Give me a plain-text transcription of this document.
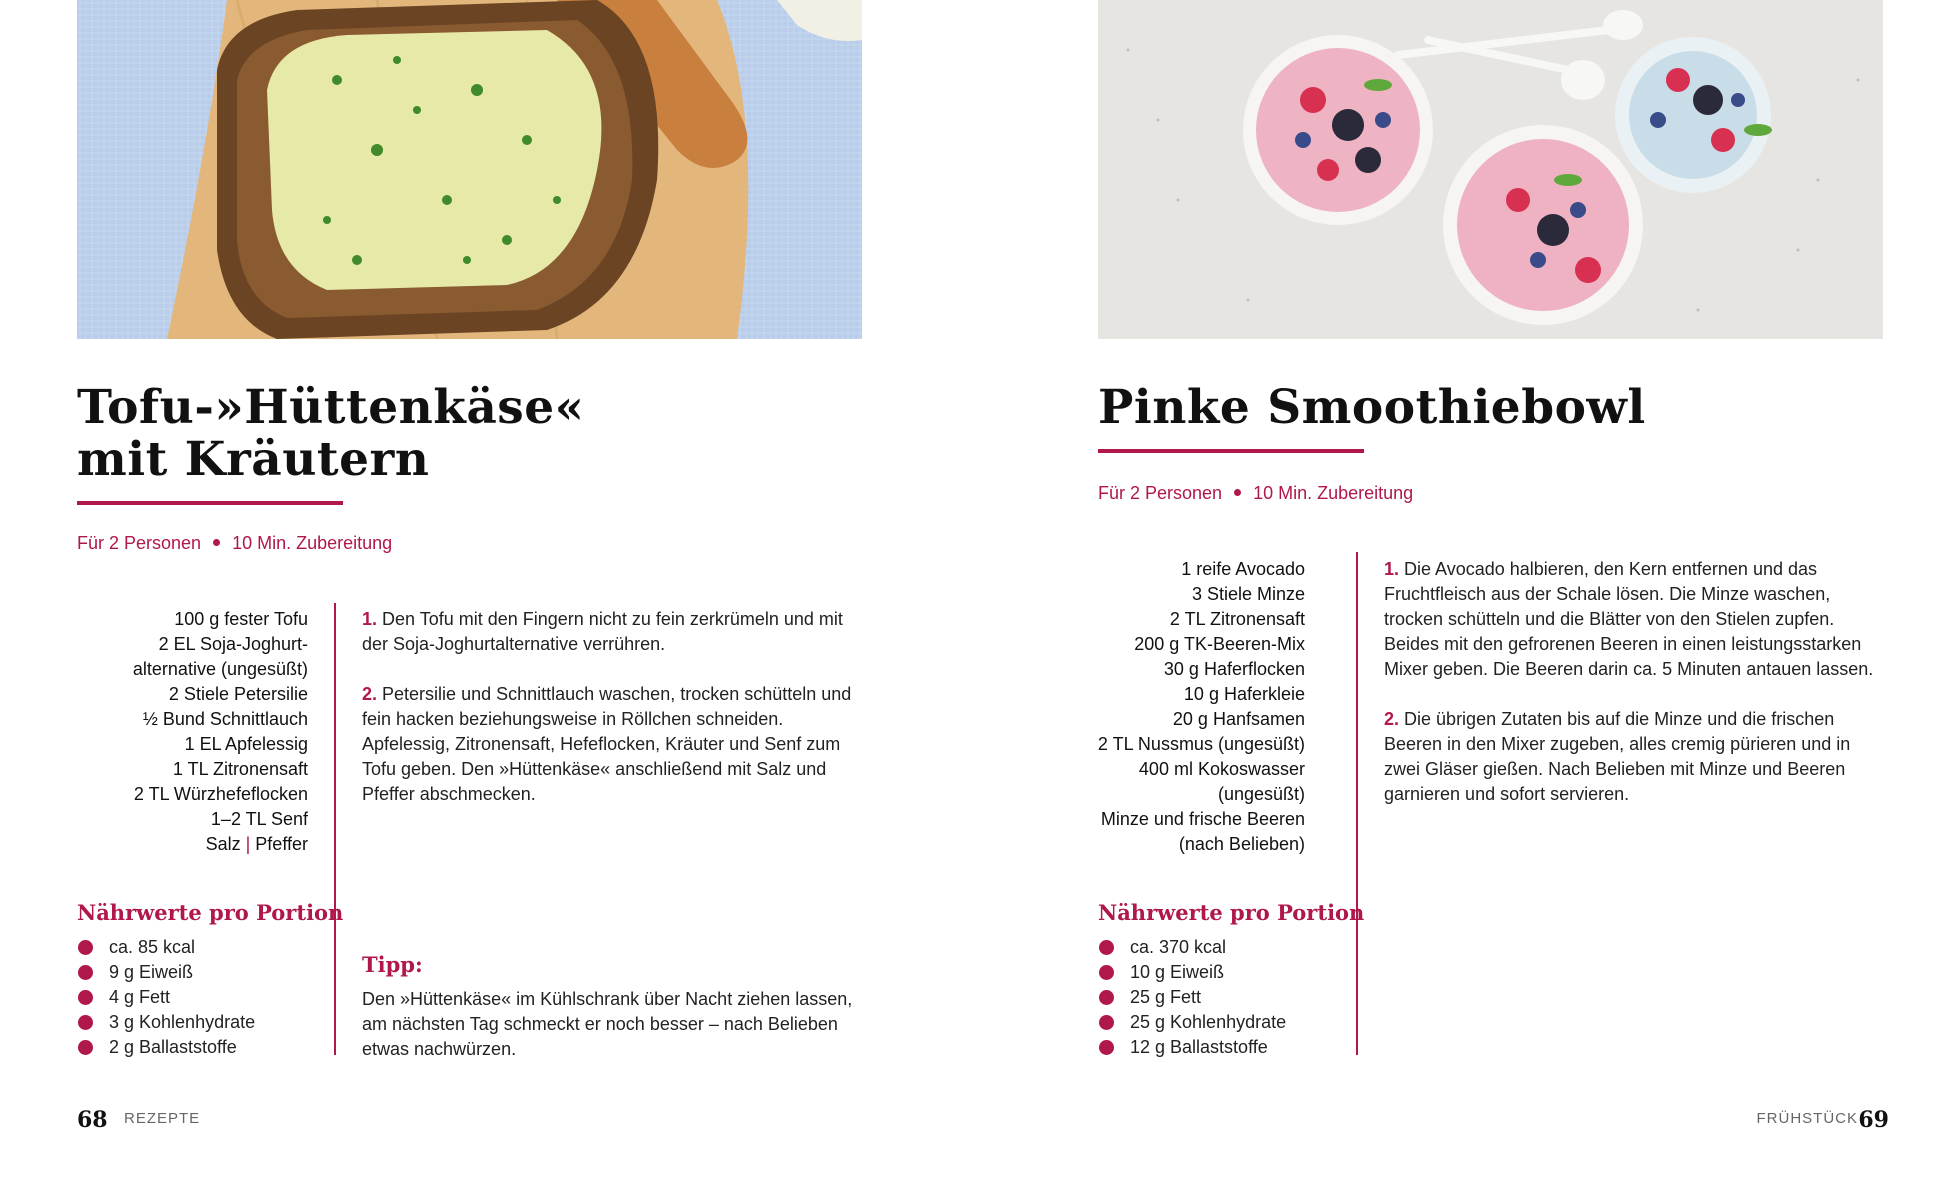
Tofu-»Hüttenkäse«
mit Kräutern
Für 2 Personen 10 Min. Zubereitung
100 g fester Tofu
2 EL Soja-Joghurt-
alternative (ungesüßt)
2 Stiele Petersilie
½ Bund Schnittlauch
1 EL Apfelessig
1 TL Zitronensaft
2 TL Würzhefeflocken
1–2 TL Senf
Salz | Pfeffer

1. Den Tofu mit den Fingern nicht zu fein zerkrümeln und mit der Soja-Joghurtalternative verrühren.

2. Petersilie und Schnittlauch waschen, trocken schütteln und fein hacken beziehungsweise in Röllchen schneiden. Apfelessig, Zitronensaft, Hefeflocken, Kräuter und Senf zum Tofu geben. Den »Hüttenkäse« anschließend mit Salz und Pfeffer abschmecken.

Nährwerte pro Portion
ca. 85 kcal
9 g Eiweiß
4 g Fett
3 g Kohlenhydrate
2 g Ballaststoffe
Tipp:
Den »Hüttenkäse« im Kühlschrank über Nacht ziehen lassen, am nächsten Tag schmeckt er noch besser – nach Belieben etwas nachwürzen.
68 REZEPTE
Pinke Smoothiebowl
Für 2 Personen 10 Min. Zubereitung
1 reife Avocado
3 Stiele Minze
2 TL Zitronensaft
200 g TK-Beeren-Mix
30 g Haferflocken
10 g Haferkleie
20 g Hanfsamen
2 TL Nussmus (ungesüßt)
400 ml Kokoswasser
(ungesüßt)
Minze und frische Beeren
(nach Belieben)

1. Die Avocado halbieren, den Kern entfernen und das Fruchtfleisch aus der Schale lösen. Die Minze waschen, trocken schütteln und die Blätter von den Stielen zupfen. Beides mit den gefrorenen Beeren in einen leistungsstarken Mixer geben. Die Beeren darin ca. 5 Minuten antauen lassen.

2. Die übrigen Zutaten bis auf die Minze und die frischen Beeren in den Mixer zugeben, alles cremig pürieren und in zwei Gläser gießen. Nach Belieben mit Minze und Beeren garnieren und sofort servieren.

Nährwerte pro Portion
ca. 370 kcal
10 g Eiweiß
25 g Fett
25 g Kohlenhydrate
12 g Ballaststoffe
FRÜHSTÜCK 69
